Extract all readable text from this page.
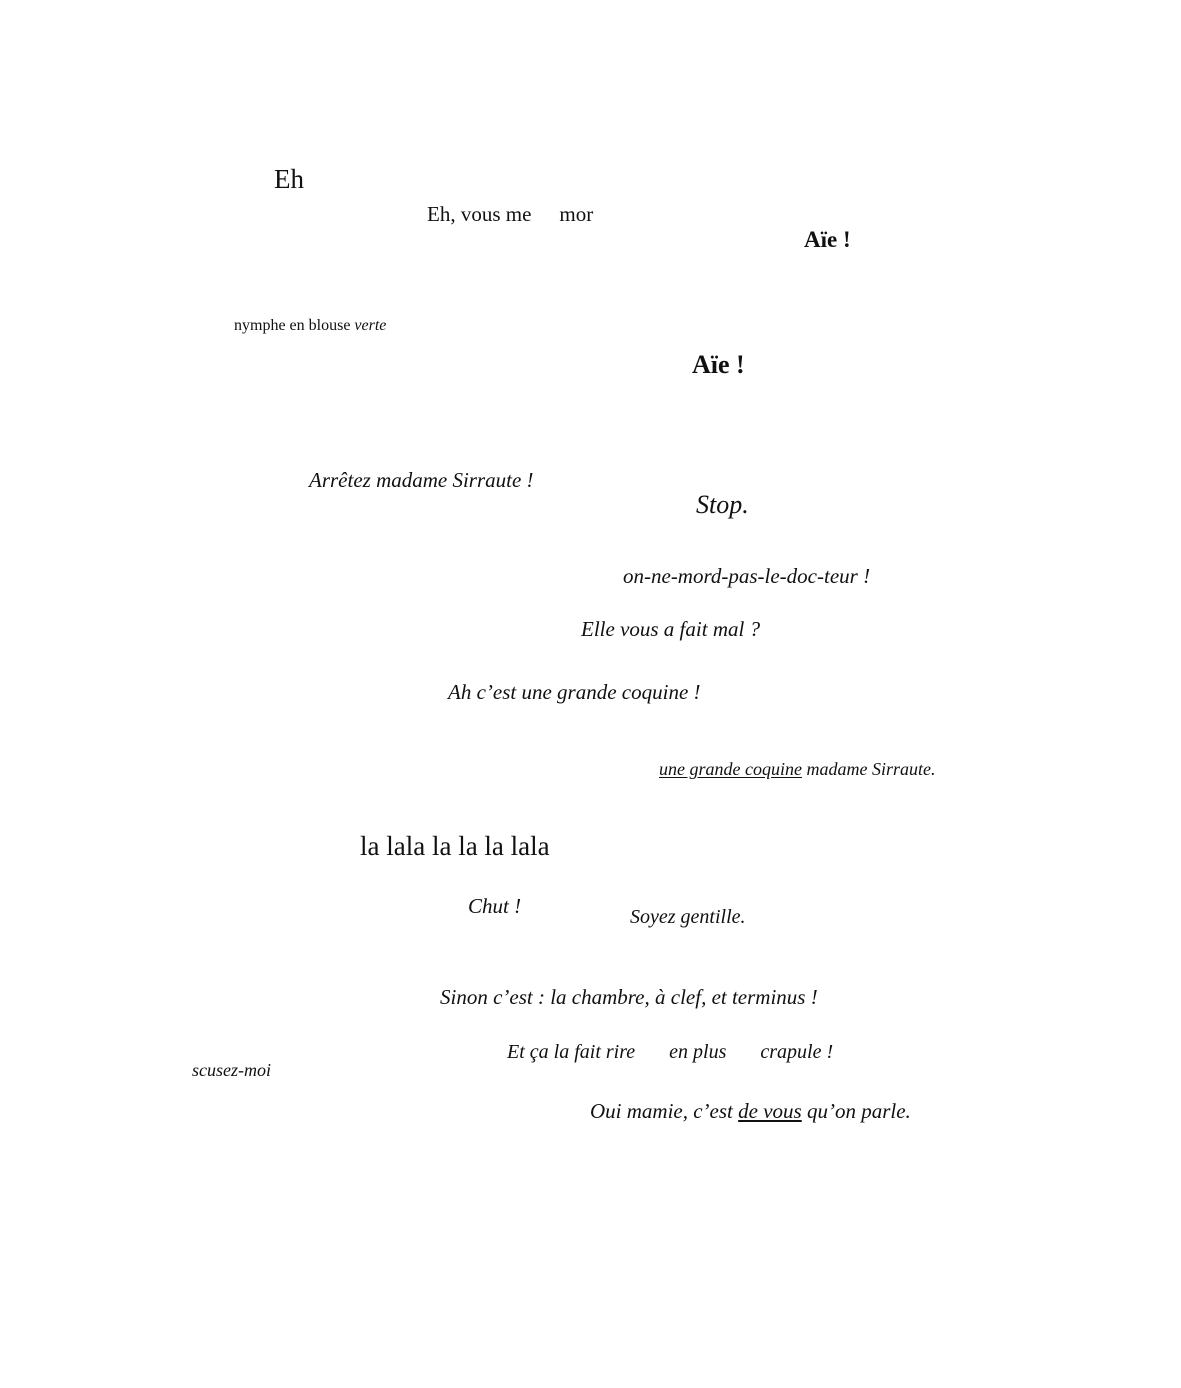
Eh
Eh, vous me mor
Aïe !
nymphe en blouse verte
Aïe !
Arrêtez madame Sirraute !
Stop.
on-ne-mord-pas-le-doc-teur !
Elle vous a fait mal ?
Ah c’est une grande coquine !
une grande coquine madame Sirraute.
la lala la la la lala
Chut !	Soyez gentille.
Sinon c’est : la chambre, à clef, et terminus !
Et ça la fait rire en plus crapule !
scusez-moi
Oui mamie, c’est de vous qu’on parle.
